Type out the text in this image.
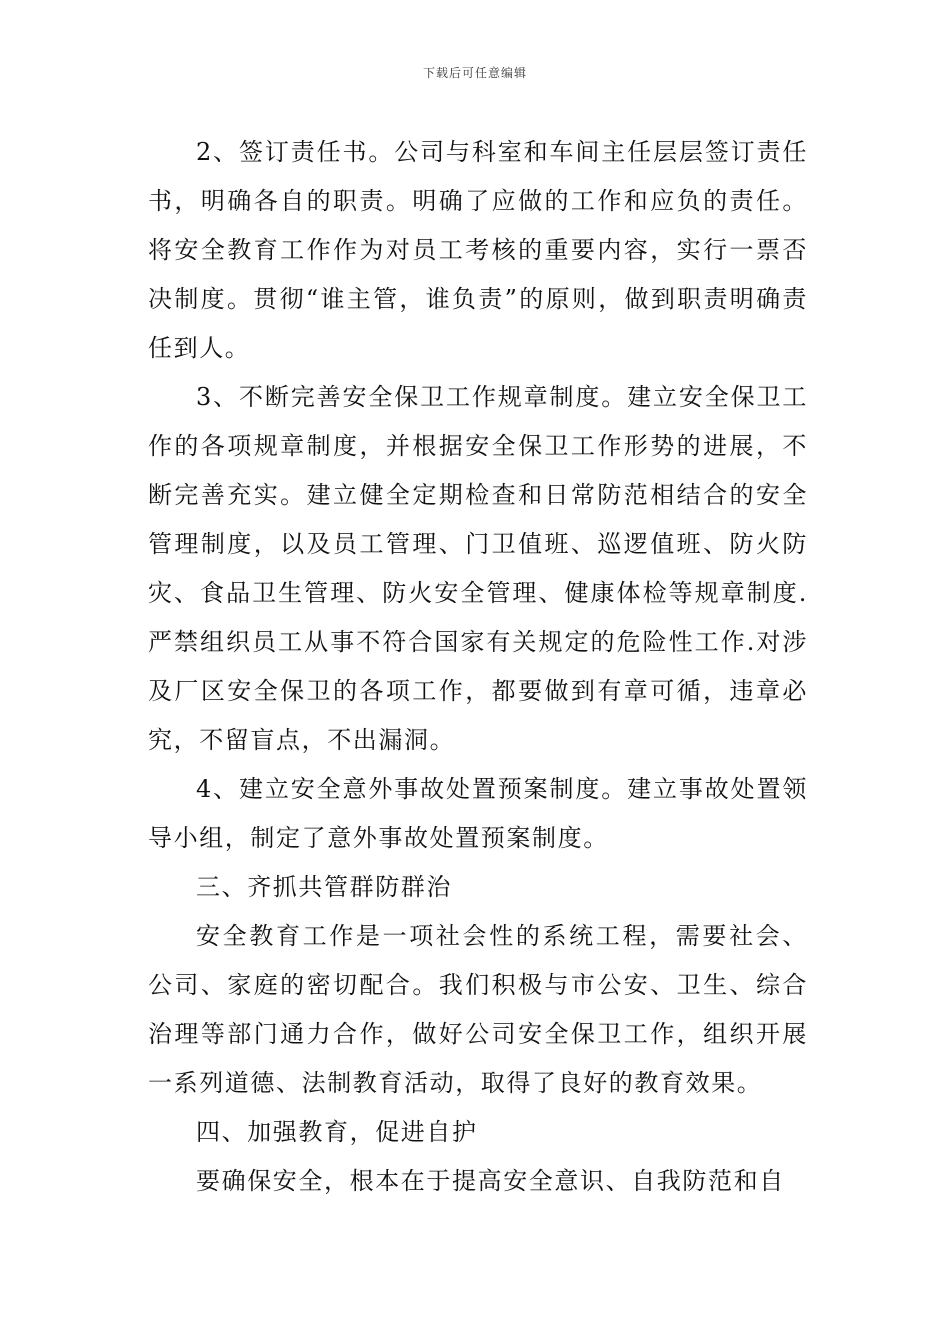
下载后可任意编辑

2、签订责任书。公司与科室和车间主任层层签订责任书，明确各自的职责。明确了应做的工作和应负的责任。将安全教育工作作为对员工考核的重要内容，实行一票否决制度。贯彻“谁主管，谁负责”的原则，做到职责明确责任到人。

3、不断完善安全保卫工作规章制度。建立安全保卫工作的各项规章制度，并根据安全保卫工作形势的进展，不断完善充实。建立健全定期检查和日常防范相结合的安全管理制度，以及员工管理、门卫值班、巡逻值班、防火防灾、食品卫生管理、防火安全管理、健康体检等规章制度.严禁组织员工从事不符合国家有关规定的危险性工作.对涉及厂区安全保卫的各项工作，都要做到有章可循，违章必究，不留盲点，不出漏洞。

4、建立安全意外事故处置预案制度。建立事故处置领导小组，制定了意外事故处置预案制度。

三、齐抓共管群防群治

安全教育工作是一项社会性的系统工程，需要社会、公司、家庭的密切配合。我们积极与市公安、卫生、综合治理等部门通力合作，做好公司安全保卫工作，组织开展一系列道德、法制教育活动，取得了良好的教育效果。

四、加强教育，促进自护

要确保安全，根本在于提高安全意识、自我防范和自
